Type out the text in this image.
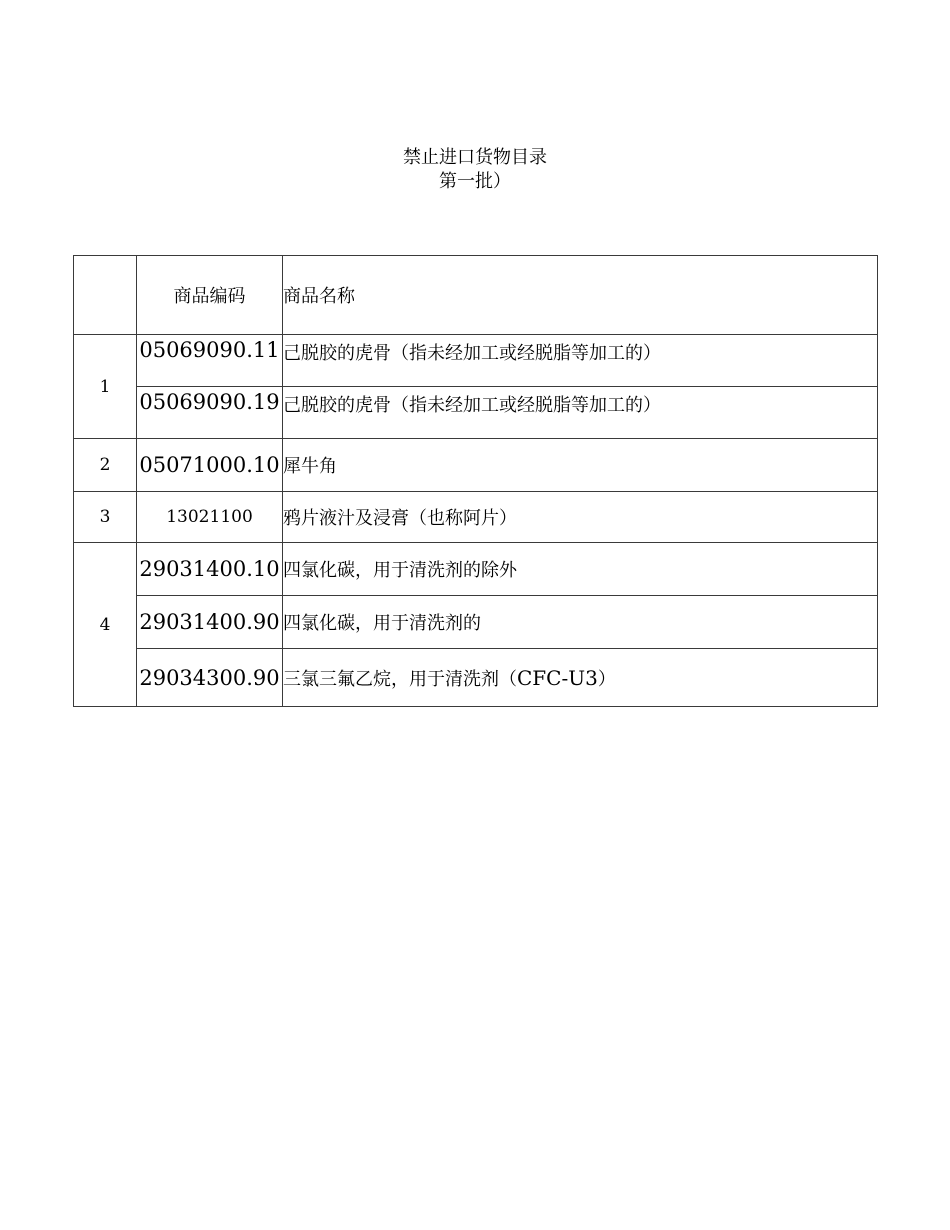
禁止进口货物目录
第一批）
	商品编码	商品名称
1	05069090.11	己脱胶的虎骨（指未经加工或经脱脂等加工的）

	05069090.19	己脱胶的虎骨（指未经加工或经脱脂等加工的）
2	05071000.10	犀牛角
3	13021100	鸦片液汁及浸膏（也称阿片）
4	29031400.10	四氯化碳，用于清洗剂的除外
	29031400.90	四氯化碳，用于清洗剂的
	29034300.90	三氯三氟乙烷，用于清洗剂（CFC-U3）
